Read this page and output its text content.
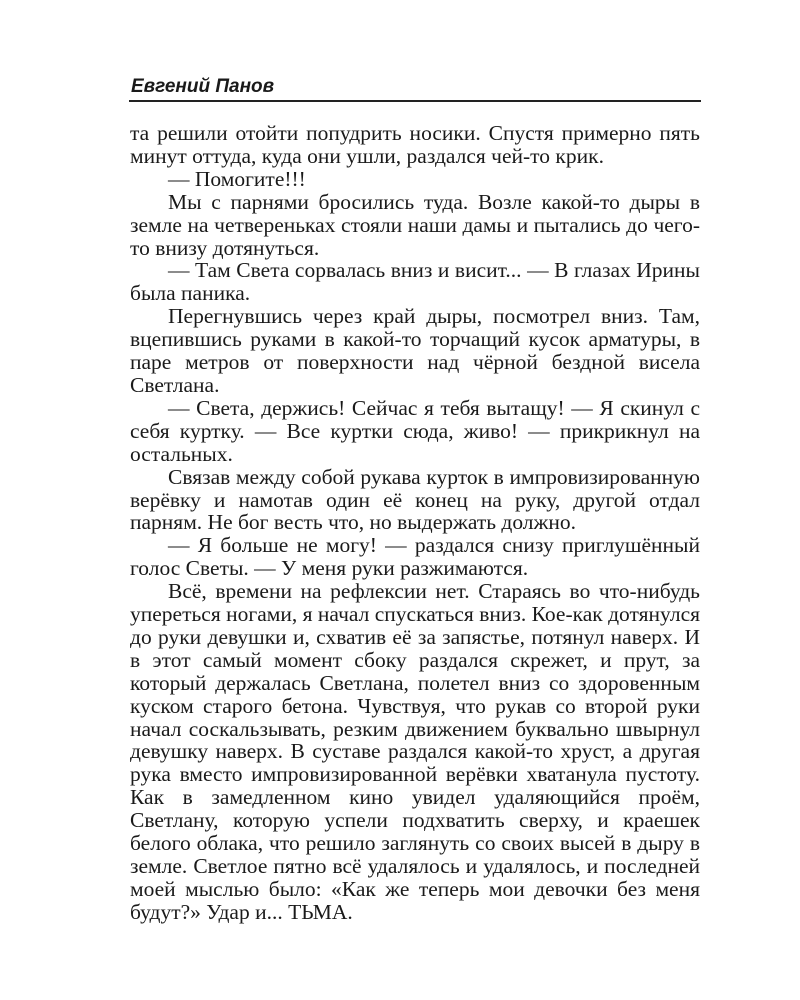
Евгений Панов

та решили отойти попудрить носики. Спустя примерно пять минут оттуда, куда они ушли, раздался чей-то крик.

— Помогите!!!

Мы с парнями бросились туда. Возле какой-то дыры в земле на четвереньках стояли наши дамы и пытались до чего-то внизу дотянуться.

— Там Света сорвалась вниз и висит... — В глазах Ирины была паника.

Перегнувшись через край дыры, посмотрел вниз. Там, вцепившись руками в какой-то торчащий кусок арматуры, в паре метров от поверхности над чёрной бездной висела Светлана.

— Света, держись! Сейчас я тебя вытащу! — Я скинул с себя куртку. — Все куртки сюда, живо! — прикрикнул на остальных.

Связав между собой рукава курток в импровизированную верёвку и намотав один её конец на руку, другой отдал парням. Не бог весть что, но выдержать должно.

— Я больше не могу! — раздался снизу приглушённый голос Светы. — У меня руки разжимаются.

Всё, времени на рефлексии нет. Стараясь во что-нибудь упереться ногами, я начал спускаться вниз. Кое-как дотянулся до руки девушки и, схватив её за запястье, потянул наверх. И в этот самый момент сбоку раздался скрежет, и прут, за который держалась Светлана, полетел вниз со здоровенным куском старого бетона. Чувствуя, что рукав со второй руки начал соскальзывать, резким движением буквально швырнул девушку наверх. В суставе раздался какой-то хруст, а другая рука вместо импровизированной верёвки хватанула пустоту. Как в замедленном кино увидел удаляющийся проём, Светлану, которую успели подхватить сверху, и краешек белого облака, что решило заглянуть со своих высей в дыру в земле. Светлое пятно всё удалялось и удалялось, и последней моей мыслью было: «Как же теперь мои девочки без меня будут?» Удар и... ТЬМА.
